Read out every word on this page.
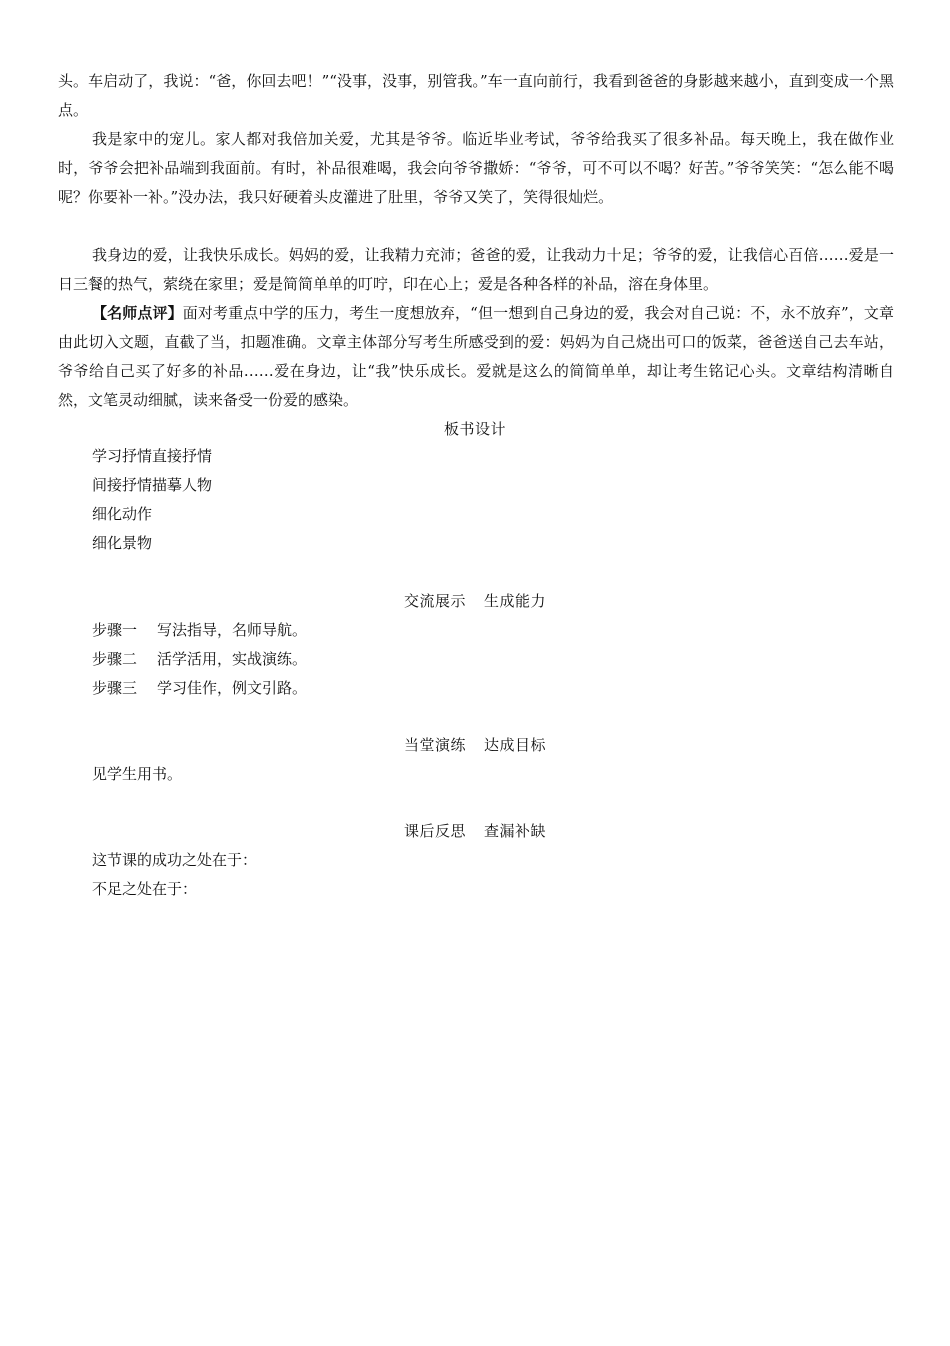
头。车启动了，我说：“爸，你回去吧！”“没事，没事，别管我。”车一直向前行，我看到爸爸的身影越来越小，直到变成一个黑点。

我是家中的宠儿。家人都对我倍加关爱，尤其是爷爷。临近毕业考试，爷爷给我买了很多补品。每天晚上，我在做作业时，爷爷会把补品端到我面前。有时，补品很难喝，我会向爷爷撒娇：“爷爷，可不可以不喝？好苦。”爷爷笑笑：“怎么能不喝呢？你要补一补。”没办法，我只好硬着头皮灌进了肚里，爷爷又笑了，笑得很灿烂。

我身边的爱，让我快乐成长。妈妈的爱，让我精力充沛；爸爸的爱，让我动力十足；爷爷的爱，让我信心百倍……爱是一日三餐的热气，萦绕在家里；爱是简简单单的叮咛，印在心上；爱是各种各样的补品，溶在身体里。

【名师点评】面对考重点中学的压力，考生一度想放弃，“但一想到自己身边的爱，我会对自己说：不，永不放弃”，文章由此切入文题，直截了当，扣题准确。文章主体部分写考生所感受到的爱：妈妈为自己烧出可口的饭菜，爸爸送自己去车站，爷爷给自己买了好多的补品……爱在身边，让“我”快乐成长。爱就是这么的简简单单，却让考生铭记心头。文章结构清晰自然，文笔灵动细腻，读来备受一份爱的感染。

板书设计

学习抒情直接抒情

间接抒情描摹人物

细化动作

细化景物

交流展示 生成能力

步骤一 写法指导，名师导航。

步骤二 活学活用，实战演练。

步骤三 学习佳作，例文引路。

当堂演练 达成目标

见学生用书。

课后反思 查漏补缺

这节课的成功之处在于：

不足之处在于：
